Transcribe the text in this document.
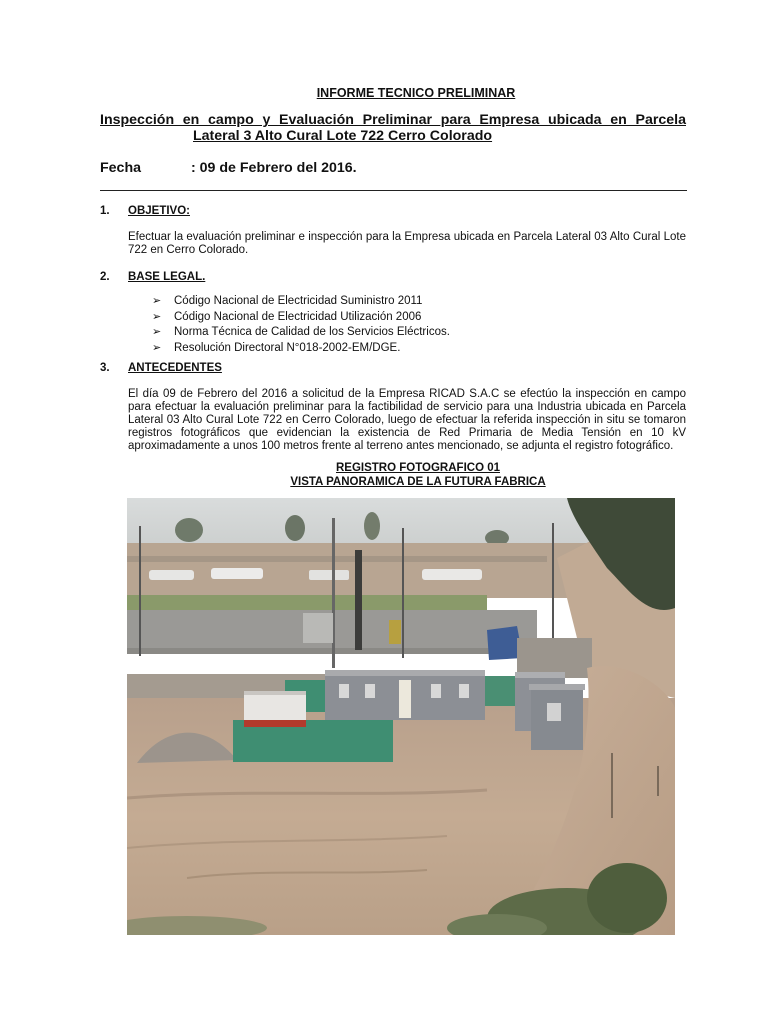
INFORME TECNICO PRELIMINAR
Inspección en campo y Evaluación Preliminar para Empresa ubicada en Parcela
Lateral 3 Alto Cural Lote 722 Cerro Colorado
Fecha	: 09 de Febrero del 2016.
1. OBJETIVO:
Efectuar la evaluación preliminar e inspección para la Empresa ubicada en Parcela Lateral 03 Alto Cural Lote 722 en Cerro Colorado.
2. BASE LEGAL.
➢ Código Nacional de Electricidad Suministro 2011
➢ Código Nacional de Electricidad Utilización 2006
➢ Norma Técnica de Calidad de los Servicios Eléctricos.
➢ Resolución Directoral N°018-2002-EM/DGE.
3. ANTECEDENTES
El día 09 de Febrero del 2016 a solicitud de la Empresa RICAD S.A.C se efectúo la inspección en campo para efectuar la evaluación preliminar para la factibilidad de servicio para una Industria ubicada en Parcela Lateral 03 Alto Cural Lote 722 en Cerro Colorado, luego de efectuar la referida inspección in situ se tomaron registros fotográficos que evidencian la existencia de Red Primaria de Media Tensión en 10 kV aproximadamente a unos 100 metros frente al terreno antes mencionado, se adjunta el registro fotográfico.
REGISTRO FOTOGRAFICO 01
VISTA PANORAMICA DE LA FUTURA FABRICA
